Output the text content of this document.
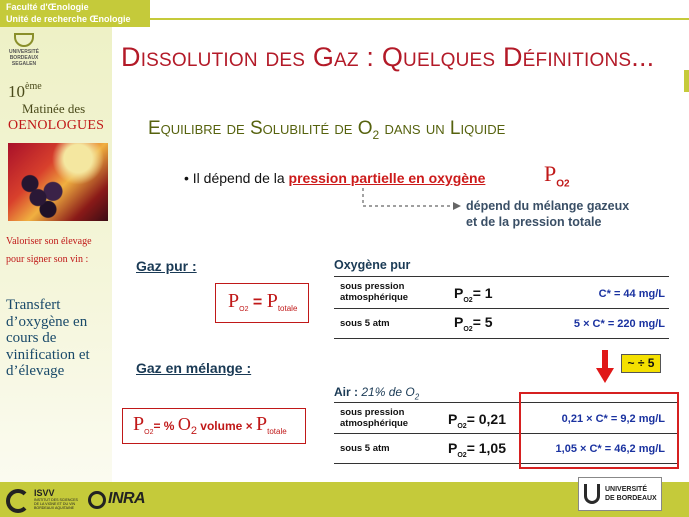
Faculté d'Œnologie
Unité de recherche Œnologie
UNIVERSITÉ BORDEAUX SEGALEN
10ème
Matinée des
OENOLOGUES
Valoriser son élevage
pour signer son vin :
Transfert d’oxygène en cours de vinification et d’élevage
Dissolution des Gaz : Quelques Définitions...
Equilibre de Solubilité de $O_2$ dans un Liquide
• Il dépend de la pression partielle en oxygène	$P_{O2}$
dépend du mélange gazeux
et de la pression totale
Gaz pur :
$P_{O2} = P_{totale}$
Oxygène pur
sous pression
atmosphérique	$P_{O2}= 1$	C* = 44 mg/L
sous 5 atm	$P_{O2}= 5$	5 × C* = 220 mg/L
~ ÷ 5
Gaz en mélange :
$P_{O2}=$ % $O_2$ volume × $P_{totale}$
Air : 21% de $O_2$
sous pression
atmosphérique	$P_{O2}= 0,21$	0,21 × C* = 9,2 mg/L
sous 5 atm	$P_{O2}= 1,05$	1,05 × C* = 46,2 mg/L
ISVV
INSTITUT DES SCIENCES DE LA VIGNE ET DU VIN BORDEAUX AQUITAINE
INRA
UNIVERSITÉ
DE BORDEAUX
